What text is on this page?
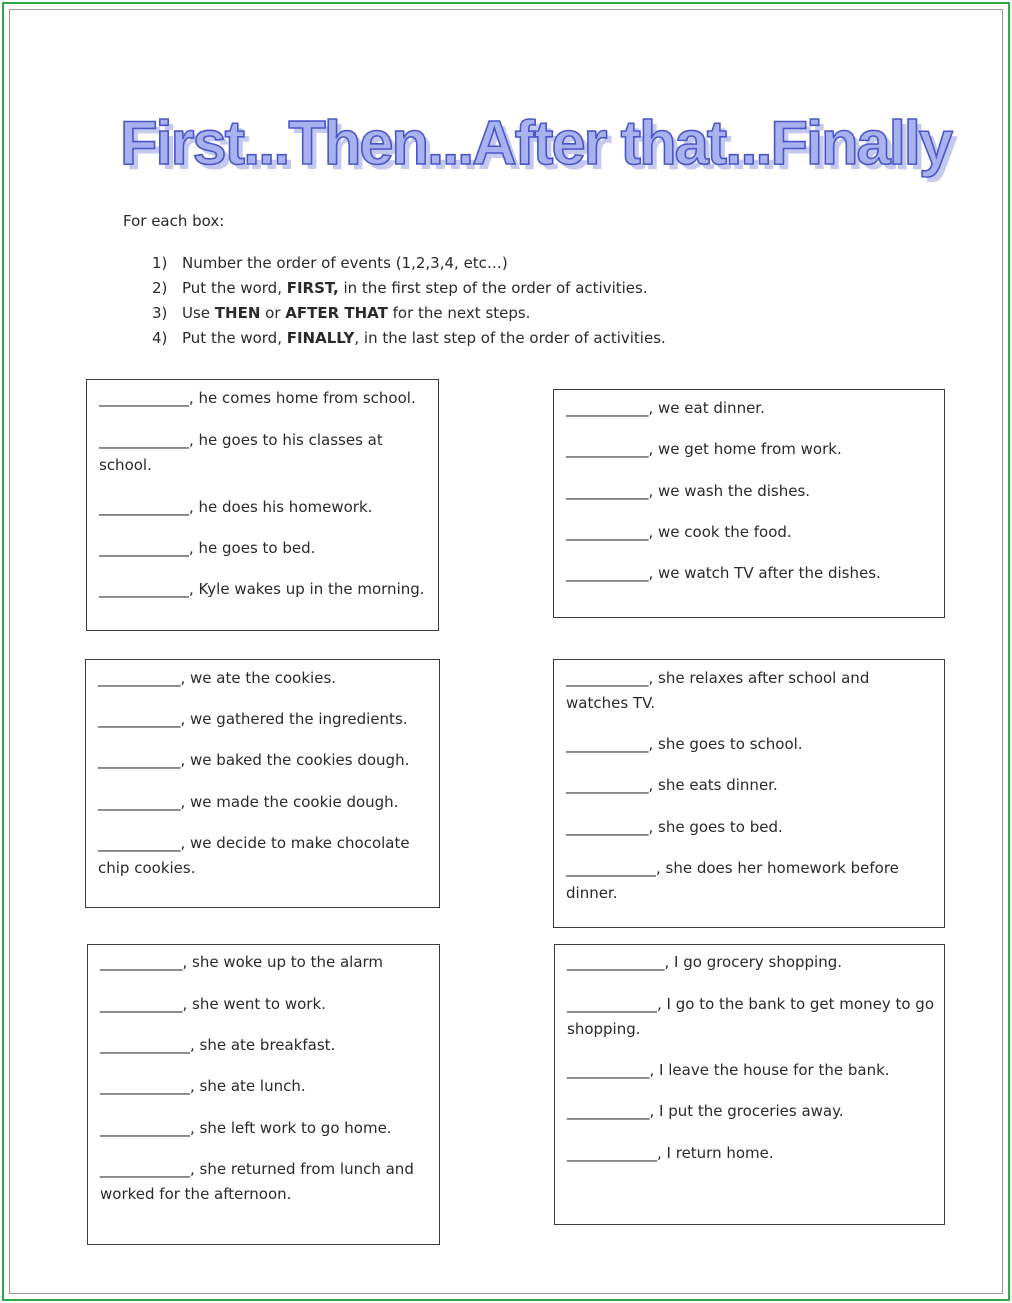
First...Then...After that...Finally
For each box:
1) Number the order of events (1,2,3,4, etc…)
2) Put the word, FIRST, in the first step of the order of activities.
3) Use THEN or AFTER THAT for the next steps.
4) Put the word, FINALLY, in the last step of the order of activities.
____________, he comes home from school.
____________, he goes to his classes at school.
____________, he does his homework.
____________, he goes to bed.
____________, Kyle wakes up in the morning.
___________, we eat dinner.
___________, we get home from work.
___________, we wash the dishes.
___________, we cook the food.
___________, we watch TV after the dishes.
___________, we ate the cookies.
___________, we gathered the ingredients.
___________, we baked the cookies dough.
___________, we made the cookie dough.
___________, we decide to make chocolate chip cookies.
___________, she relaxes after school and watches TV.
___________, she goes to school.
___________, she eats dinner.
___________, she goes to bed.
____________, she does her homework before dinner.
___________, she woke up to the alarm
___________, she went to work.
____________, she ate breakfast.
____________, she ate lunch.
____________, she left work to go home.
____________, she returned from lunch and worked for the afternoon.
_____________, I go grocery shopping.
____________, I go to the bank to get money to go shopping.
___________, I leave the house for the bank.
___________, I put the groceries away.
____________, I return home.
